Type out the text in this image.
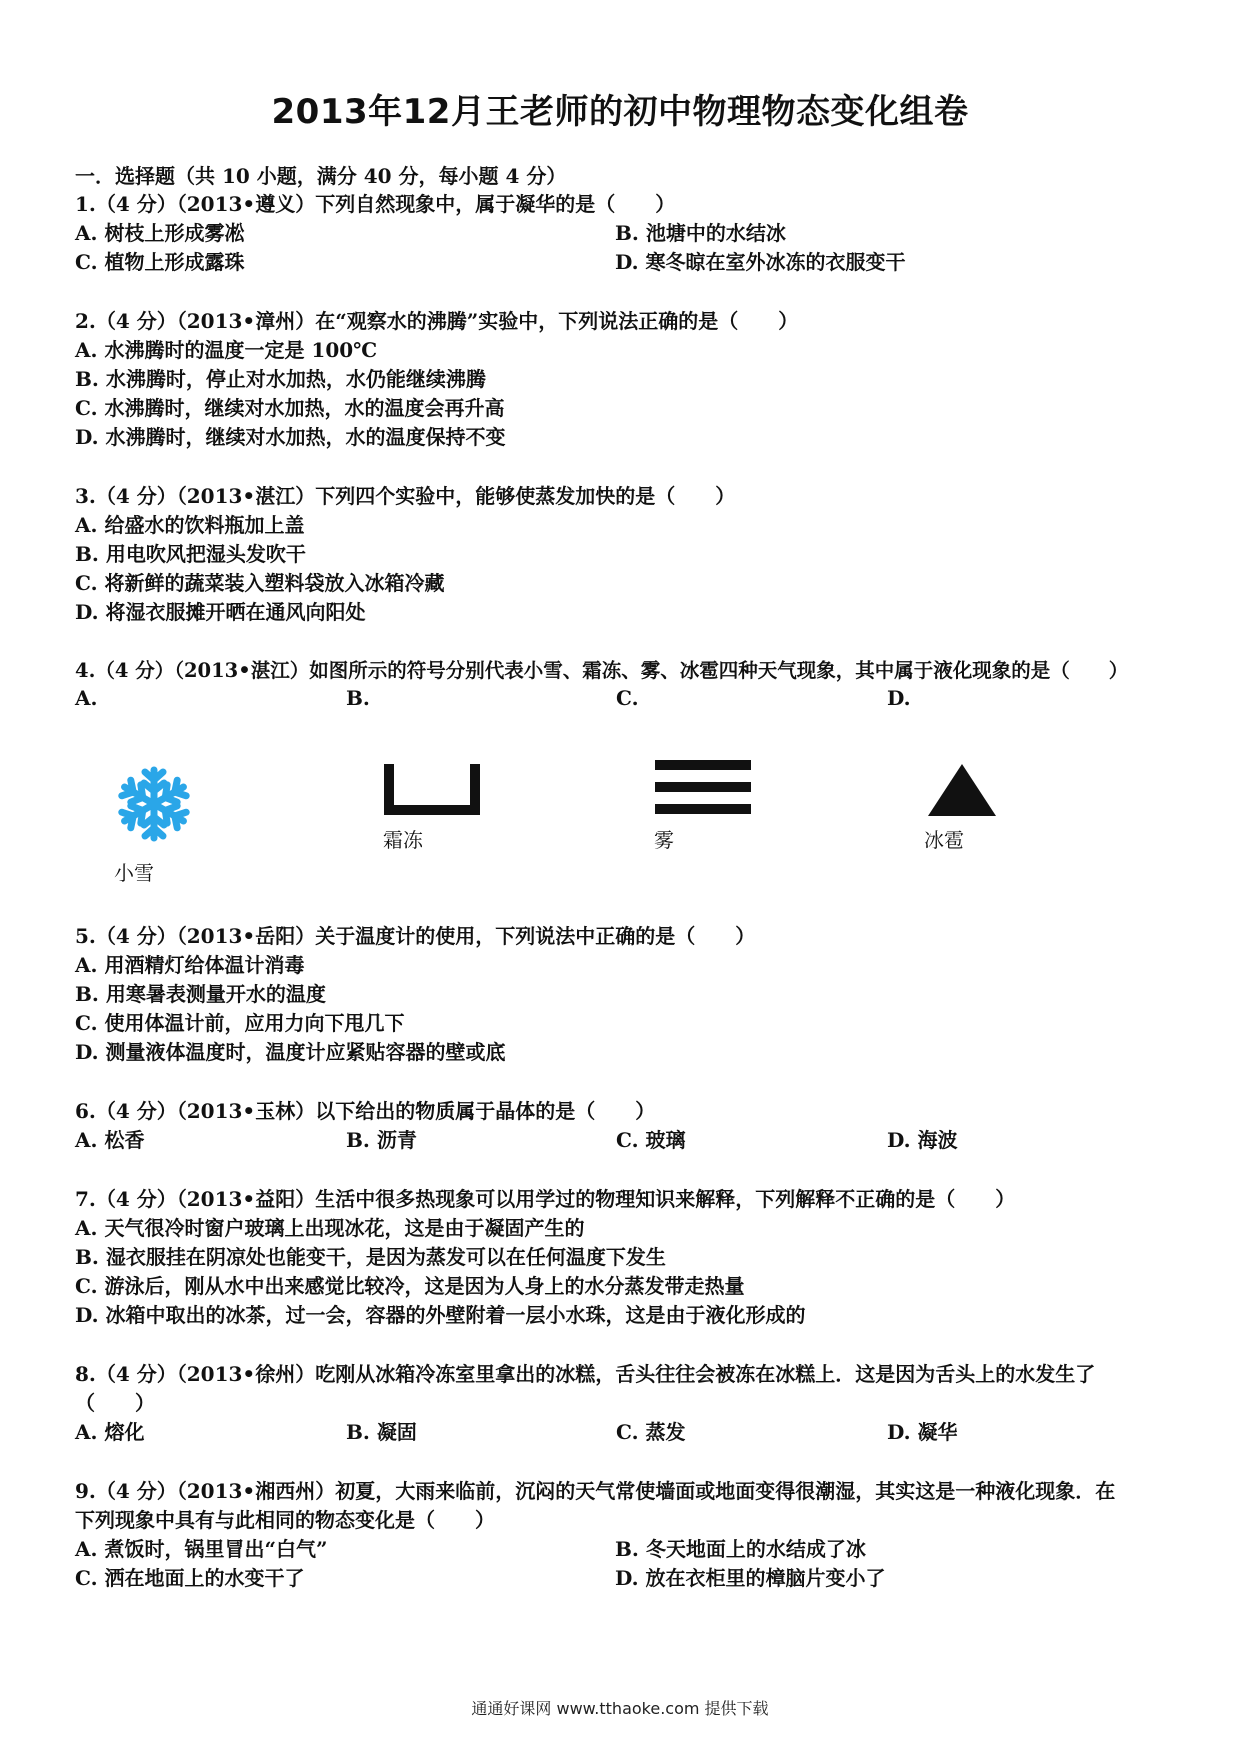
2013年12月王老师的初中物理物态变化组卷
一．选择题（共 10 小题，满分 40 分，每小题 4 分）
1.（4 分）（2013•遵义）下列自然现象中，属于凝华的是（　　）
A. 树枝上形成雾凇	B. 池塘中的水结冰
C. 植物上形成露珠	D. 寒冬晾在室外冰冻的衣服变干
2.（4 分）（2013•漳州）在“观察水的沸腾”实验中，下列说法正确的是（　　）
A. 水沸腾时的温度一定是 100℃
B. 水沸腾时，停止对水加热，水仍能继续沸腾
C. 水沸腾时，继续对水加热，水的温度会再升高
D. 水沸腾时，继续对水加热，水的温度保持不变
3.（4 分）（2013•湛江）下列四个实验中，能够使蒸发加快的是（　　）
A. 给盛水的饮料瓶加上盖
B. 用电吹风把湿头发吹干
C. 将新鲜的蔬菜装入塑料袋放入冰箱冷藏
D. 将湿衣服摊开晒在通风向阳处
4.（4 分）（2013•湛江）如图所示的符号分别代表小雪、霜冻、雾、冰雹四种天气现象，其中属于液化现象的是（　　）
A.	B.	C.	D.
小雪
霜冻	雾	冰雹
5.（4 分）（2013•岳阳）关于温度计的使用，下列说法中正确的是（　　）
A. 用酒精灯给体温计消毒
B. 用寒暑表测量开水的温度
C. 使用体温计前，应用力向下甩几下
D. 测量液体温度时，温度计应紧贴容器的壁或底
6.（4 分）（2013•玉林）以下给出的物质属于晶体的是（　　）
A. 松香	B. 沥青	C. 玻璃	D. 海波
7.（4 分）（2013•益阳）生活中很多热现象可以用学过的物理知识来解释，下列解释不正确的是（　　）
A. 天气很冷时窗户玻璃上出现冰花，这是由于凝固产生的
B. 湿衣服挂在阴凉处也能变干，是因为蒸发可以在任何温度下发生
C. 游泳后，刚从水中出来感觉比较冷，这是因为人身上的水分蒸发带走热量
D. 冰箱中取出的冰茶，过一会，容器的外壁附着一层小水珠，这是由于液化形成的
8.（4 分）（2013•徐州）吃刚从冰箱冷冻室里拿出的冰糕，舌头往往会被冻在冰糕上．这是因为舌头上的水发生了
（　　）
A. 熔化	B. 凝固	C. 蒸发	D. 凝华
9.（4 分）（2013•湘西州）初夏，大雨来临前，沉闷的天气常使墙面或地面变得很潮湿，其实这是一种液化现象．在
下列现象中具有与此相同的物态变化是（　　）
A. 煮饭时，锅里冒出“白气”	B. 冬天地面上的水结成了冰
C. 洒在地面上的水变干了	D. 放在衣柜里的樟脑片变小了
通通好课网 www.tthaoke.com 提供下载
